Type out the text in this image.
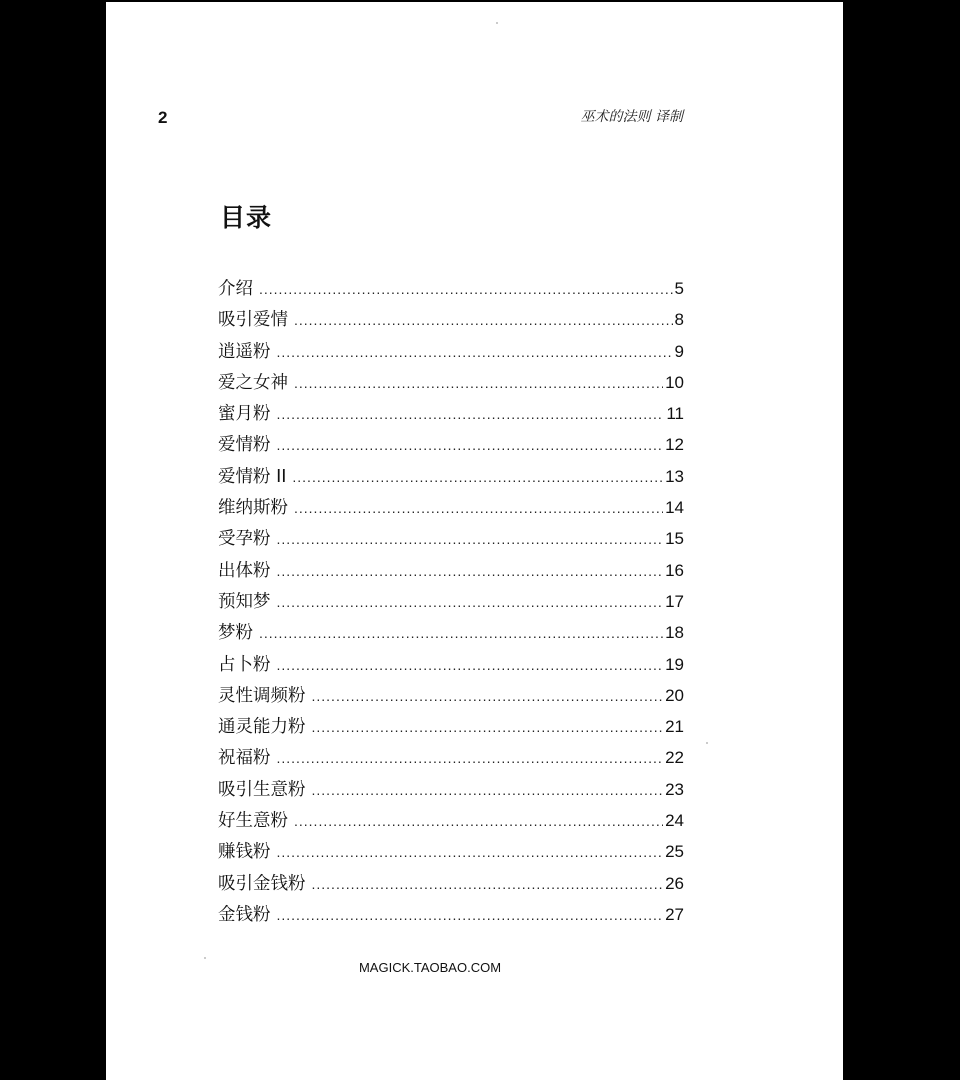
2	巫术的法则 译制
目录
介绍 .....	5
吸引爱情 .....	8
逍遥粉 .....	9
爱之女神 .....	10
蜜月粉 .....	11
爱情粉 .....	12
爱情粉 II .....	13
维纳斯粉 .....	14
受孕粉 .....	15
出体粉 .....	16
预知梦 .....	17
梦粉 .....	18
占卜粉 .....	19
灵性调频粉 .....	20
通灵能力粉 .....	21
祝福粉 .....	22
吸引生意粉 .....	23
好生意粉 .....	24
赚钱粉 .....	25
吸引金钱粉 .....	26
金钱粉 .....	27
MAGICK.TAOBAO.COM
